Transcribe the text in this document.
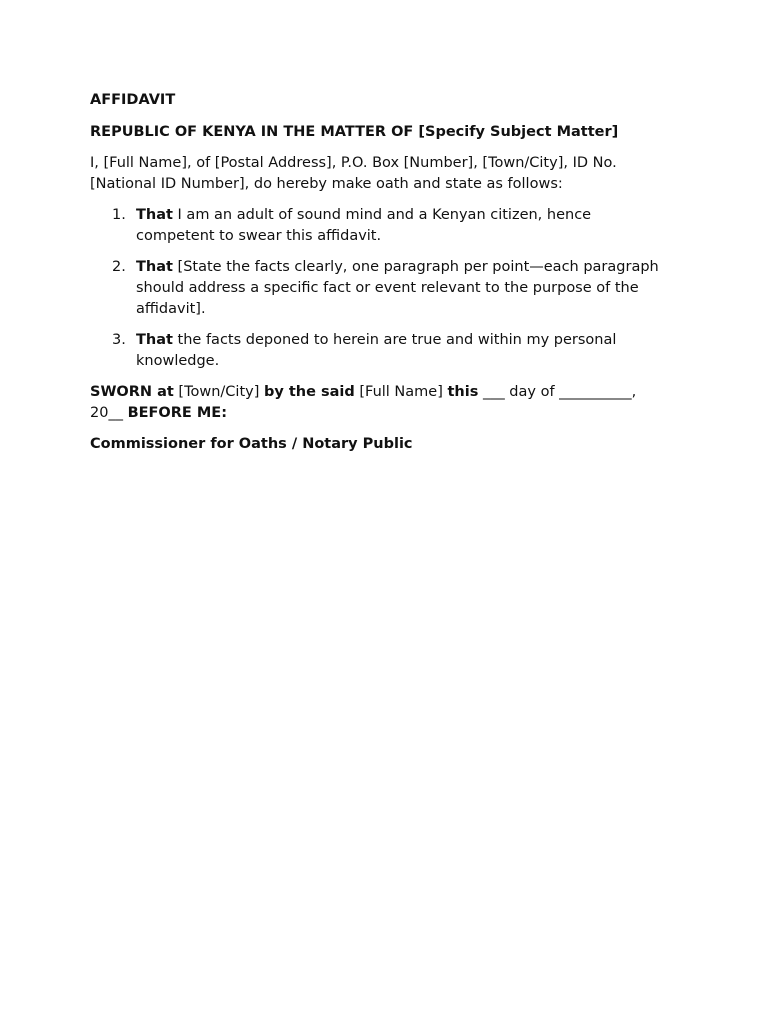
AFFIDAVIT

REPUBLIC OF KENYA IN THE MATTER OF [Specify Subject Matter]

I, [Full Name], of [Postal Address], P.O. Box [Number], [Town/City], ID No. [National ID Number], do hereby make oath and state as follows:

1. That I am an adult of sound mind and a Kenyan citizen, hence competent to swear this affidavit.
2. That [State the facts clearly, one paragraph per point—each paragraph should address a specific fact or event relevant to the purpose of the affidavit].
3. That the facts deponed to herein are true and within my personal knowledge.

SWORN at [Town/City] by the said [Full Name] this ___ day of __________, 20__ BEFORE ME:

Commissioner for Oaths / Notary Public
